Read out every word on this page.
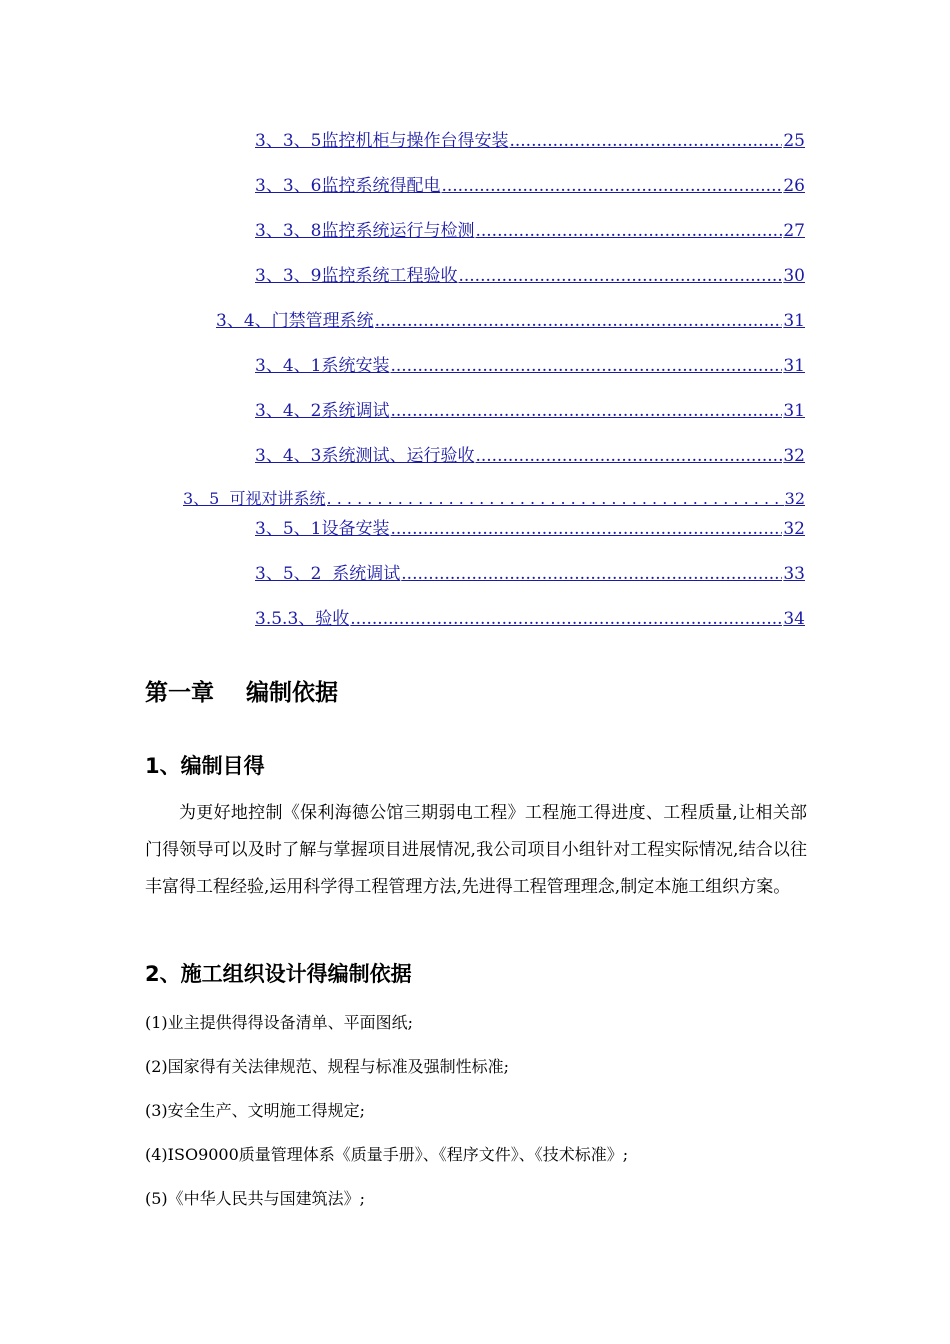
3、3、5监控机柜与操作台得安装 .....	25
3、3、6监控系统得配电 .....	26
3、3、8监控系统运行与检测 .....	27
3、3、9监控系统工程验收 .....	30
3、4、门禁管理系统 .....	31
3、4、1系统安装 .....	31
3、4、2系统调试 .....	31
3、4、3系统测试、运行验收 .....	32
3、5  可视对讲系统 . . .	32
3、5、1设备安装 .....	32
3、5、2  系统调试 .....	33
3.5.3、验收 .....	34
第一章    编制依据
1、编制目得

为更好地控制《保利海德公馆三期弱电工程》工程施工得进度、工程质量,让相关部门得领导可以及时了解与掌握项目进展情况,我公司项目小组针对工程实际情况,结合以往丰富得工程经验,运用科学得工程管理方法,先进得工程管理理念,制定本施工组织方案。

2、施工组织设计得编制依据

(1)业主提供得得设备清单、平面图纸;

(2)国家得有关法律规范、规程与标准及强制性标准;

(3)安全生产、文明施工得规定;

(4)ISO9000质量管理体系《质量手册》、《程序文件》、《技术标准》;

(5)《中华人民共与国建筑法》;
